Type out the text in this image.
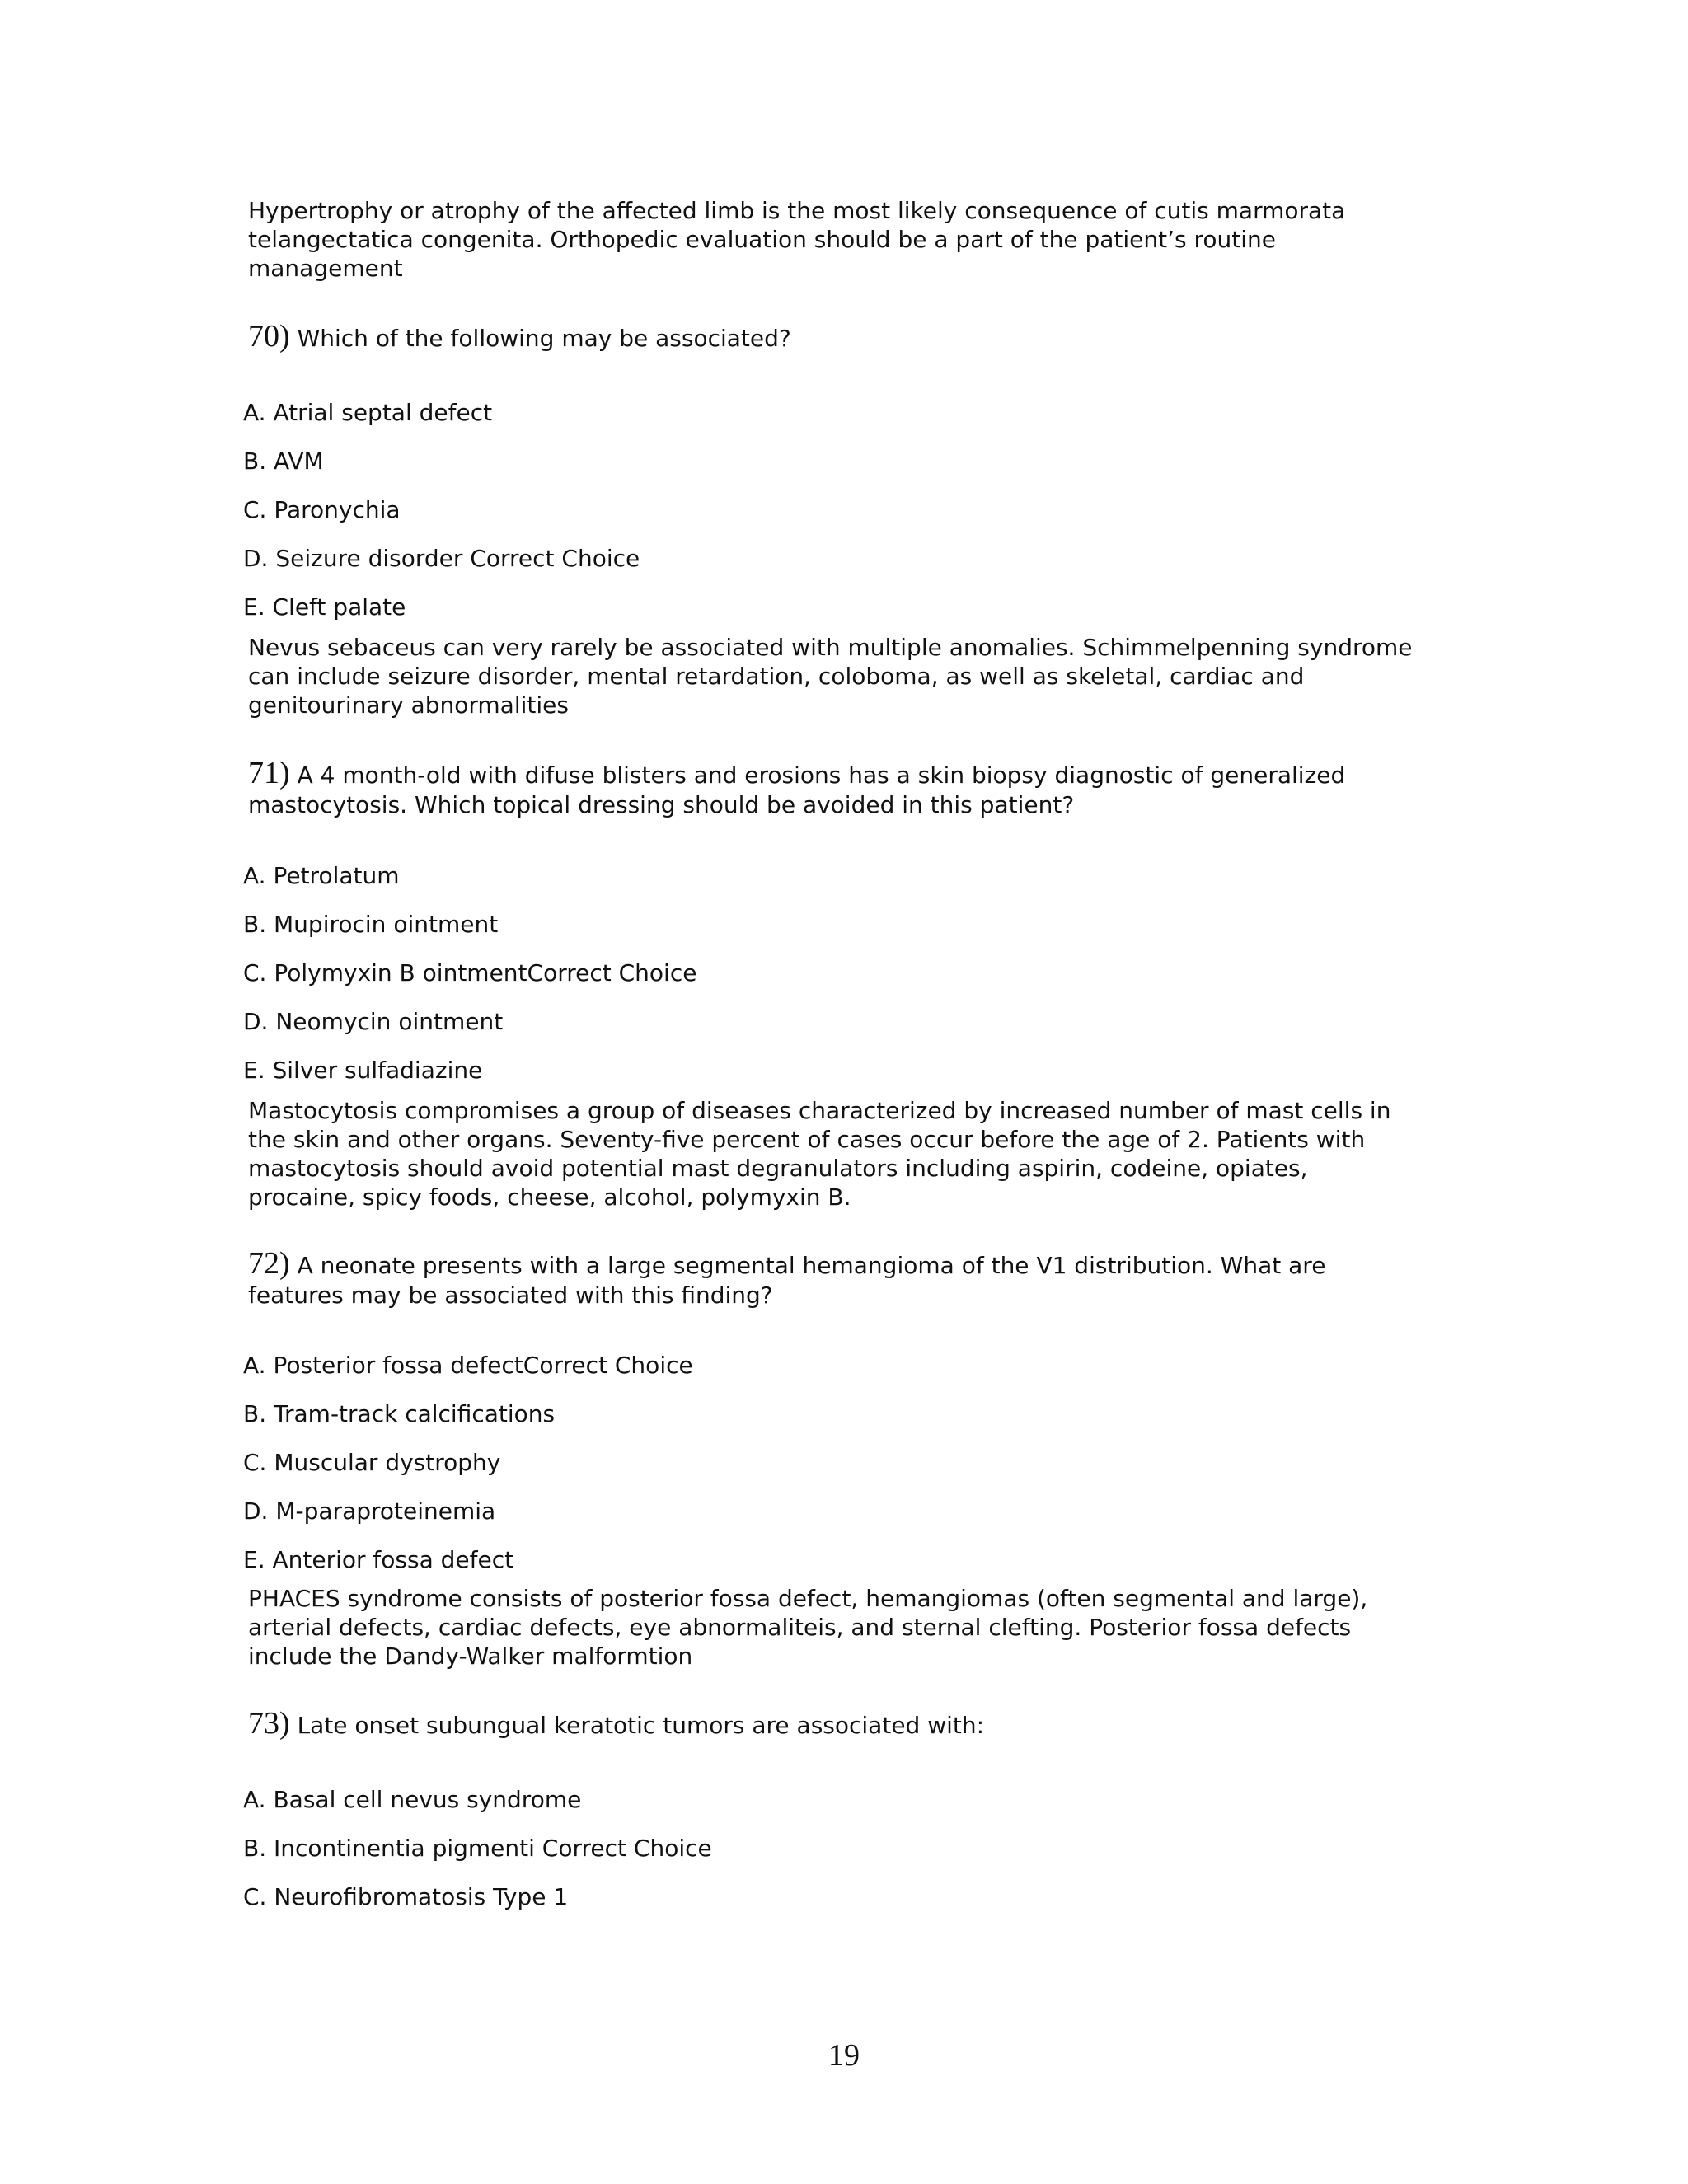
Hypertrophy or atrophy of the affected limb is the most likely consequence of cutis marmorata
telangectatica congenita. Orthopedic evaluation should be a part of the patient’s routine
management
70) Which of the following may be associated?
A. Atrial septal defect
B. AVM
C. Paronychia
D. Seizure disorder Correct Choice
E. Cleft palate
Nevus sebaceus can very rarely be associated with multiple anomalies. Schimmelpenning syndrome
can include seizure disorder, mental retardation, coloboma, as well as skeletal, cardiac and
genitourinary abnormalities
71) A 4 month-old with difuse blisters and erosions has a skin biopsy diagnostic of generalized
mastocytosis. Which topical dressing should be avoided in this patient?
A. Petrolatum
B. Mupirocin ointment
C. Polymyxin B ointmentCorrect Choice
D. Neomycin ointment
E. Silver sulfadiazine
Mastocytosis compromises a group of diseases characterized by increased number of mast cells in
the skin and other organs. Seventy-five percent of cases occur before the age of 2. Patients with
mastocytosis should avoid potential mast degranulators including aspirin, codeine, opiates,
procaine, spicy foods, cheese, alcohol, polymyxin B.
72) A neonate presents with a large segmental hemangioma of the V1 distribution. What are
features may be associated with this finding?
A. Posterior fossa defectCorrect Choice
B. Tram-track calcifications
C. Muscular dystrophy
D. M-paraproteinemia
E. Anterior fossa defect
PHACES syndrome consists of posterior fossa defect, hemangiomas (often segmental and large),
arterial defects, cardiac defects, eye abnormaliteis, and sternal clefting. Posterior fossa defects
include the Dandy-Walker malformtion
73) Late onset subungual keratotic tumors are associated with:
A. Basal cell nevus syndrome
B. Incontinentia pigmenti Correct Choice
C. Neurofibromatosis Type 1
19
